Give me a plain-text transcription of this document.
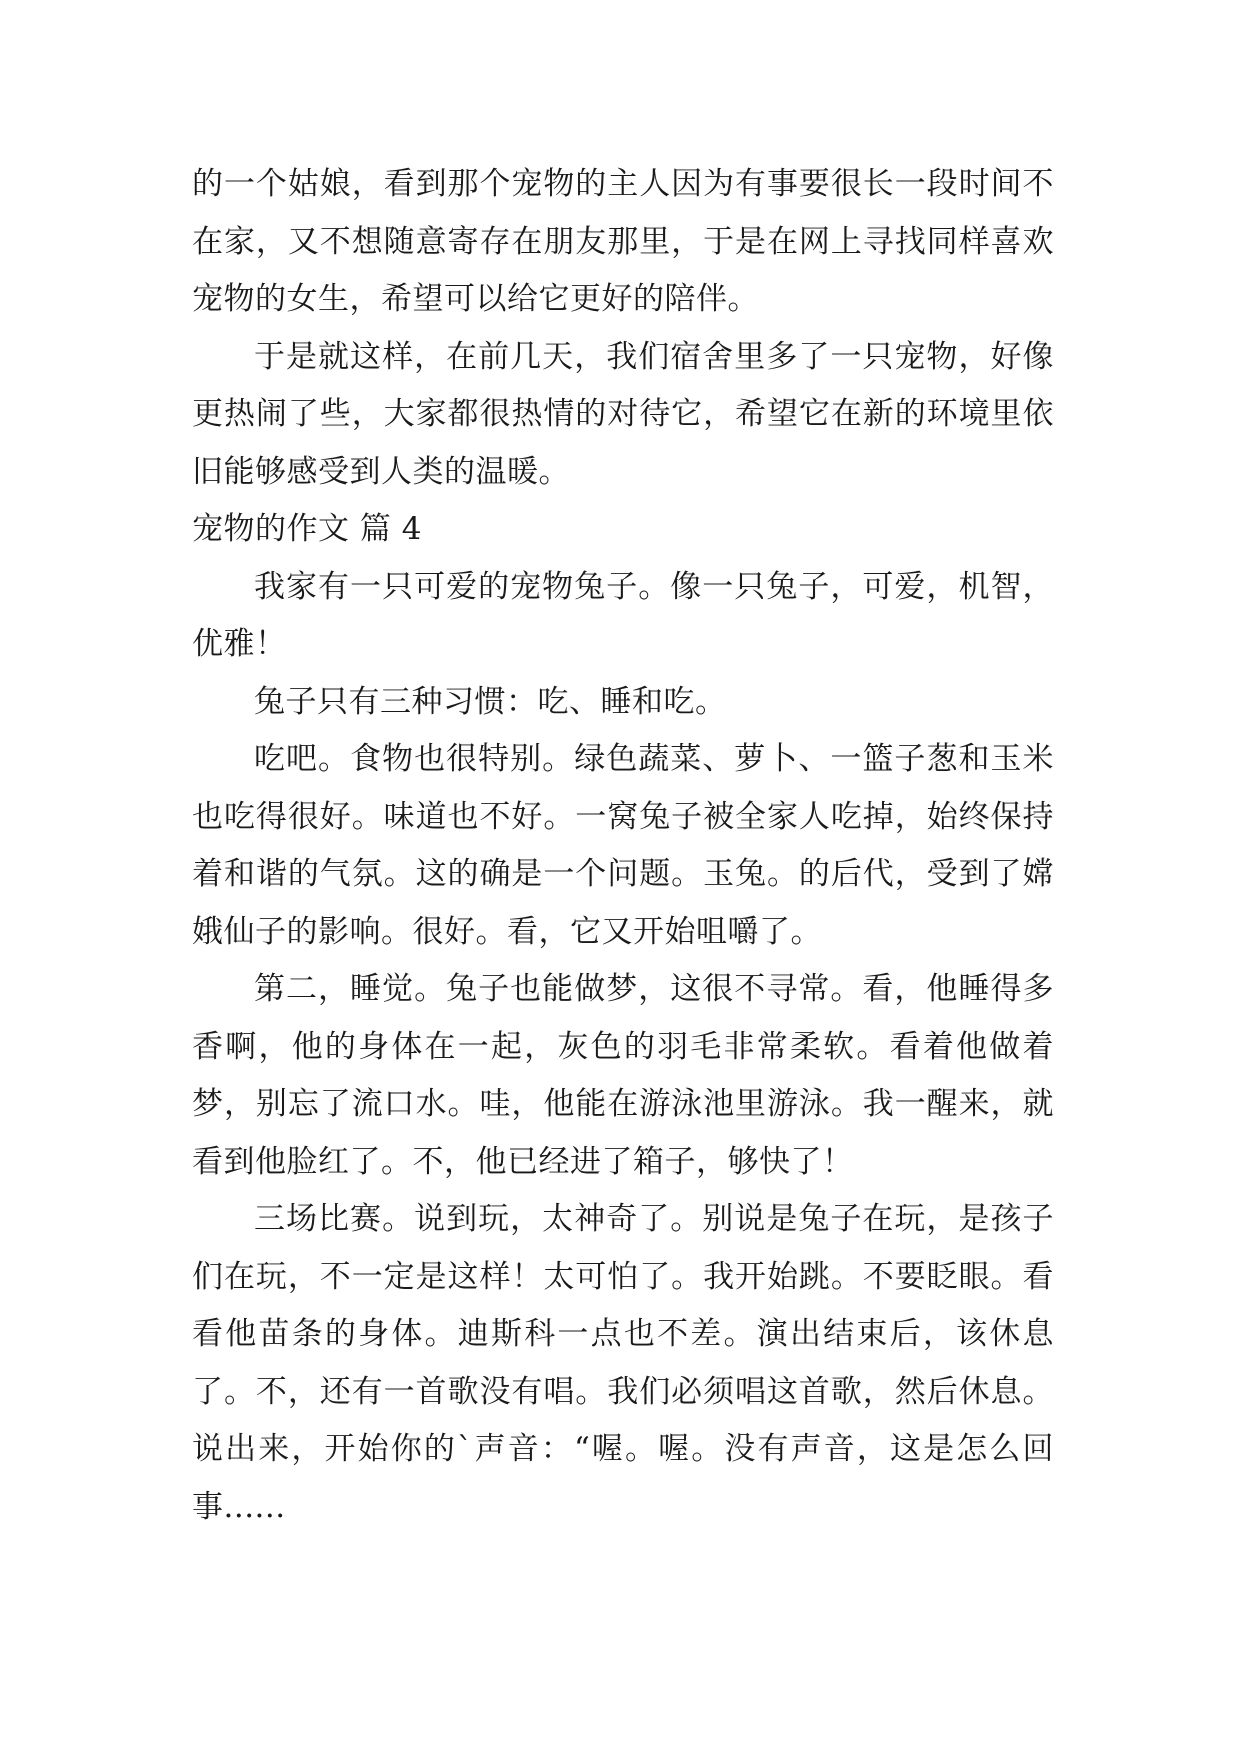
的一个姑娘，看到那个宠物的主人因为有事要很长一段时间不在家，又不想随意寄存在朋友那里，于是在网上寻找同样喜欢宠物的女生，希望可以给它更好的陪伴。

于是就这样，在前几天，我们宿舍里多了一只宠物，好像更热闹了些，大家都很热情的对待它，希望它在新的环境里依旧能够感受到人类的温暖。

宠物的作文 篇 4

我家有一只可爱的宠物兔子。像一只兔子，可爱，机智，优雅！

兔子只有三种习惯：吃、睡和吃。

吃吧。食物也很特别。绿色蔬菜、萝卜、一篮子葱和玉米也吃得很好。味道也不好。一窝兔子被全家人吃掉，始终保持着和谐的气氛。这的确是一个问题。玉兔。的后代，受到了嫦娥仙子的影响。很好。看，它又开始咀嚼了。

第二，睡觉。兔子也能做梦，这很不寻常。看，他睡得多香啊，他的身体在一起，灰色的羽毛非常柔软。看着他做着梦，别忘了流口水。哇，他能在游泳池里游泳。我一醒来，就看到他脸红了。不，他已经进了箱子，够快了！

三场比赛。说到玩，太神奇了。别说是兔子在玩，是孩子们在玩，不一定是这样！太可怕了。我开始跳。不要眨眼。看看他苗条的身体。迪斯科一点也不差。演出结束后，该休息了。不，还有一首歌没有唱。我们必须唱这首歌，然后休息。说出来，开始你的`声音：“喔。喔。没有声音，这是怎么回事......
